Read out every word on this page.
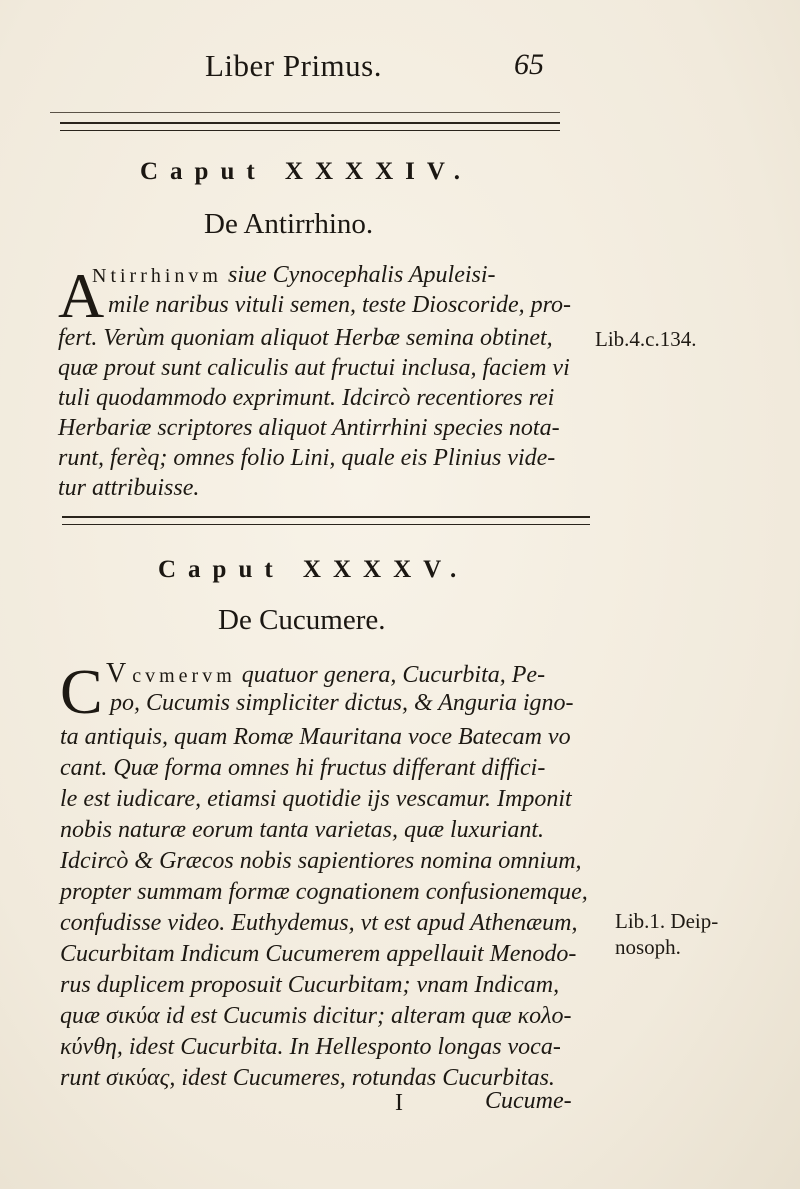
Liber Primus.	65
Caput XXXXIV.
De Antirrhino.
A
Ntirrhinvm siue Cynocephalis Apuleisi-
mile naribus vituli semen, teste Dioscoride, pro-
fert. Verùm quoniam aliquot Herbæ semina obtinet,
quæ prout sunt caliculis aut fructui inclusa, faciem vi
tuli quodammodo exprimunt. Idcircò recentiores rei
Herbariæ scriptores aliquot Antirrhini species nota-
runt, ferèq; omnes folio Lini, quale eis Plinius vide-
tur attribuisse.
Lib.4.c.134.
Caput XXXXV.
De Cucumere.
C V cvmervm quatuor genera, Cucurbita, Pe-
po, Cucumis simpliciter dictus, & Anguria igno-
ta antiquis, quam Romæ Mauritana voce Batecam vo
cant. Quæ forma omnes hi fructus differant diffici-
le est iudicare, etiamsi quotidie ijs vescamur. Imponit
nobis naturæ eorum tanta varietas, quæ luxuriant.
Idcircò & Græcos nobis sapientiores nomina omnium,
propter summam formæ cognationem confusionemque,
confudisse video. Euthydemus, vt est apud Athenæum,
Cucurbitam Indicum Cucumerem appellauit Menodo-
rus duplicem proposuit Cucurbitam; vnam Indicam,
quæ σικύα id est Cucumis dicitur; alteram quæ κολο-
κύνθη, idest Cucurbita. In Hellesponto longas voca-
runt σικύας, idest Cucumeres, rotundas Cucurbitas.
Lib.1. Deip-
nosoph.
I	Cucume-
